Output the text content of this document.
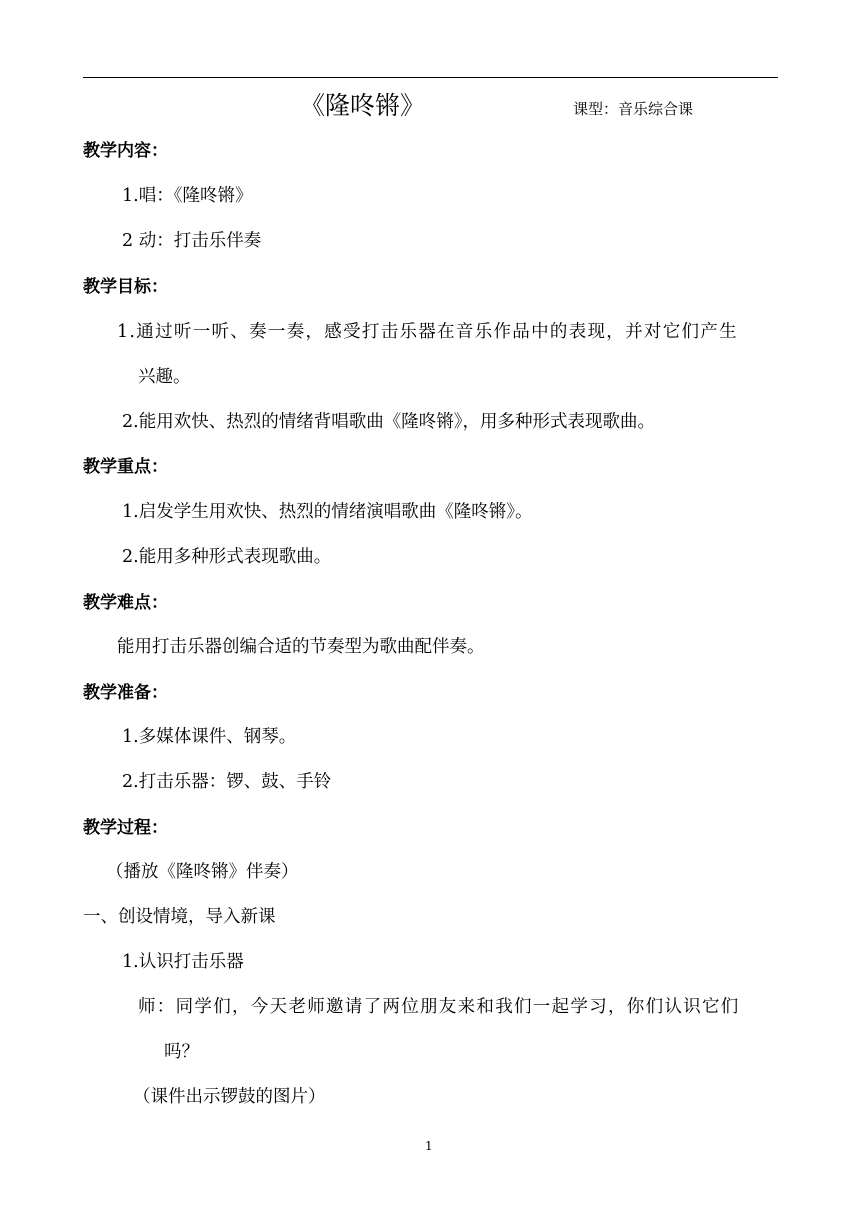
《隆咚锵》	课型：音乐综合课
教学内容：
1.唱：《隆咚锵》
2 动：打击乐伴奏
教学目标：
1.通过听一听、奏一奏，感受打击乐器在音乐作品中的表现，并对它们产生
兴趣。
2.能用欢快、热烈的情绪背唱歌曲《隆咚锵》，用多种形式表现歌曲。
教学重点：
1.启发学生用欢快、热烈的情绪演唱歌曲《隆咚锵》。
2.能用多种形式表现歌曲。
教学难点：
能用打击乐器创编合适的节奏型为歌曲配伴奏。
教学准备：
1.多媒体课件、钢琴。
2.打击乐器：锣、鼓、手铃
教学过程：
（播放《隆咚锵》伴奏）
一、创设情境，导入新课
1.认识打击乐器
师：同学们，今天老师邀请了两位朋友来和我们一起学习，你们认识它们
吗？
（课件出示锣鼓的图片）
1
